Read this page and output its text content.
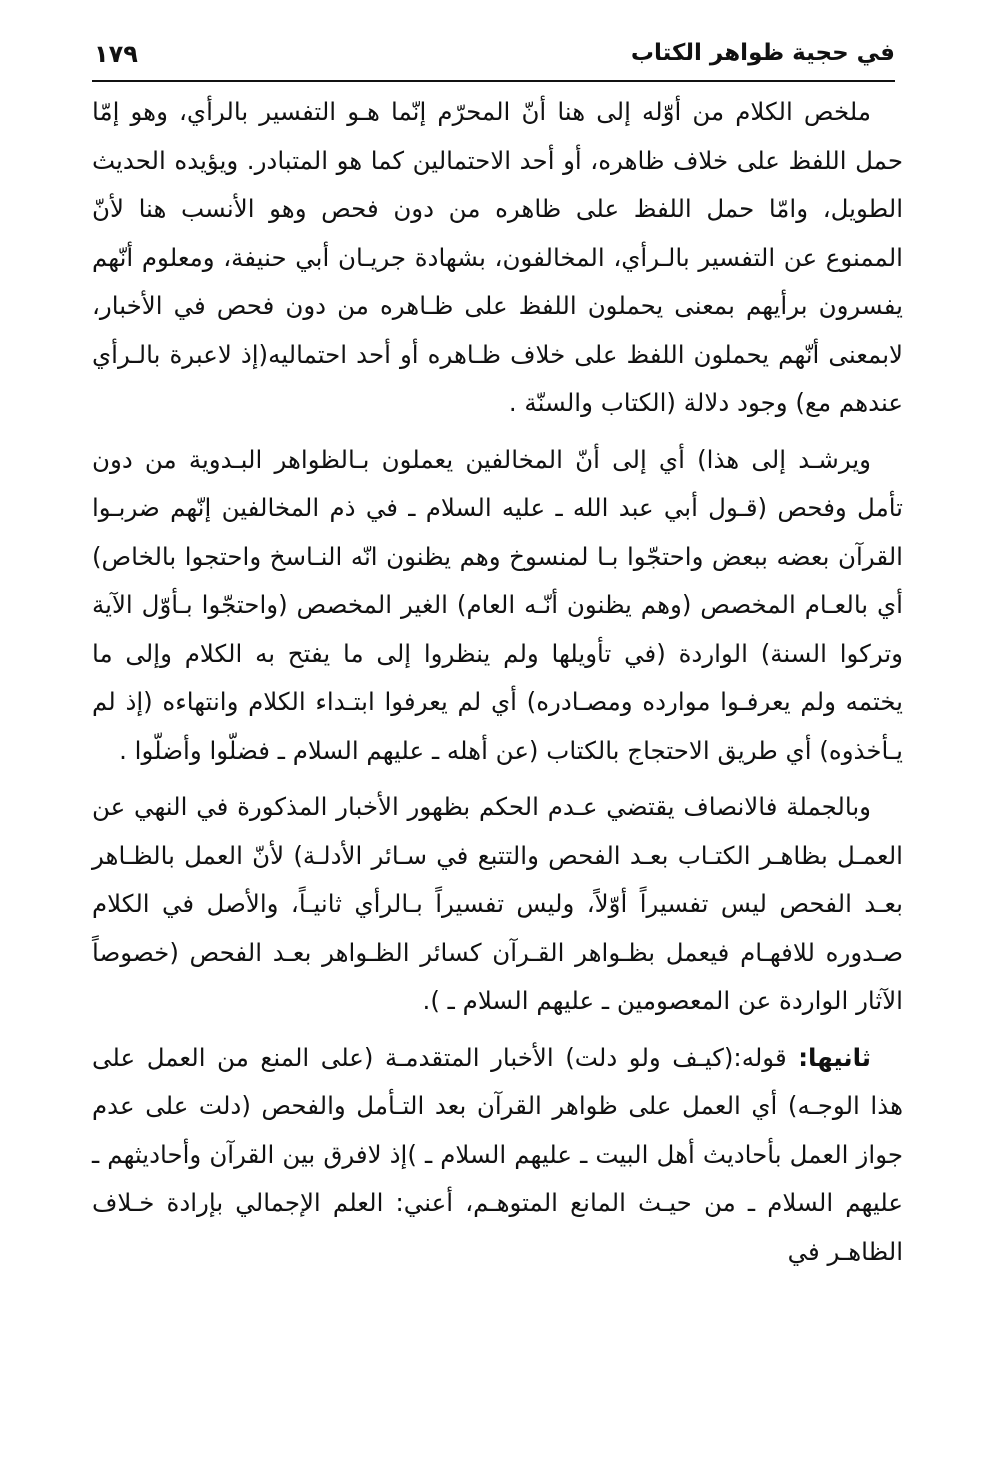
في حجية ظواهر الكتاب
١٧٩

ملخص الكلام من أوّله إلى هنا أنّ المحرّم إنّما هـو التفسير بالرأي، وهو إمّا حمل اللفظ على خلاف ظاهره، أو أحد الاحتمالين كما هو المتبادر. ويؤيده الحديث الطويل، وامّا حمل اللفظ على ظاهره من دون فحص وهو الأنسب هنا لأنّ الممنوع عن التفسير بالـرأي، المخالفون، بشهادة جريـان أبي حنيفة، ومعلوم أنّهم يفسرون برأيهم بمعنى يحملون اللفظ على ظـاهره من دون فحص في الأخبار، لابمعنى أنّهم يحملون اللفظ على خلاف ظـاهره أو أحد احتماليه(إذ لاعبرة بالـرأي عندهم مع) وجود دلالة (الكتاب والسنّة .

ويرشـد إلى هذا) أي إلى أنّ المخالفين يعملون بـالظواهر البـدوية من دون تأمل وفحص (قـول أبي عبد الله ـ عليه السلام ـ في ذم المخالفين إنّهم ضربـوا القرآن بعضه ببعض واحتجّوا بـا لمنسوخ وهم يظنون انّه النـاسخ واحتجوا بالخاص) أي بالعـام المخصص (وهم يظنون أنّـه العام) الغير المخصص (واحتجّوا بـأوّل الآية وتركوا السنة) الواردة (في تأويلها ولم ينظروا إلى ما يفتح به الكلام وإلى ما يختمه ولم يعرفـوا موارده ومصـادره) أي لم يعرفوا ابتـداء الكلام وانتهاءه (إذ لم يـأخذوه) أي طريق الاحتجاج بالكتاب (عن أهله ـ عليهم السلام ـ فضلّوا وأضلّوا .

وبالجملة فالانصاف يقتضي عـدم الحكم بظهور الأخبار المذكورة في النهي عن العمـل بظاهـر الكتـاب بعـد الفحص والتتبع في سـائر الأدلـة) لأنّ العمل بالظـاهر بعـد الفحص ليس تفسيراً أوّلاً، وليس تفسيراً بـالرأي ثانيـاً، والأصل في الكلام صـدوره للافهـام فيعمل بظـواهر القـرآن كسائر الظـواهر بعـد الفحص (خصوصاً الآثار الواردة عن المعصومين ـ عليهم السلام ـ ).

ثانيها: قوله:(كيـف ولو دلت) الأخبار المتقدمـة (على المنع من العمل على هذا الوجـه) أي العمل على ظواهر القرآن بعد التـأمل والفحص (دلت على عدم جواز العمل بأحاديث أهل البيت ـ عليهم السلام ـ )إذ لافرق بين القرآن وأحاديثهم ـ عليهم السلام ـ من حيـث المانع المتوهـم، أعني: العلم الإجمالي بإرادة خـلاف الظاهـر في
